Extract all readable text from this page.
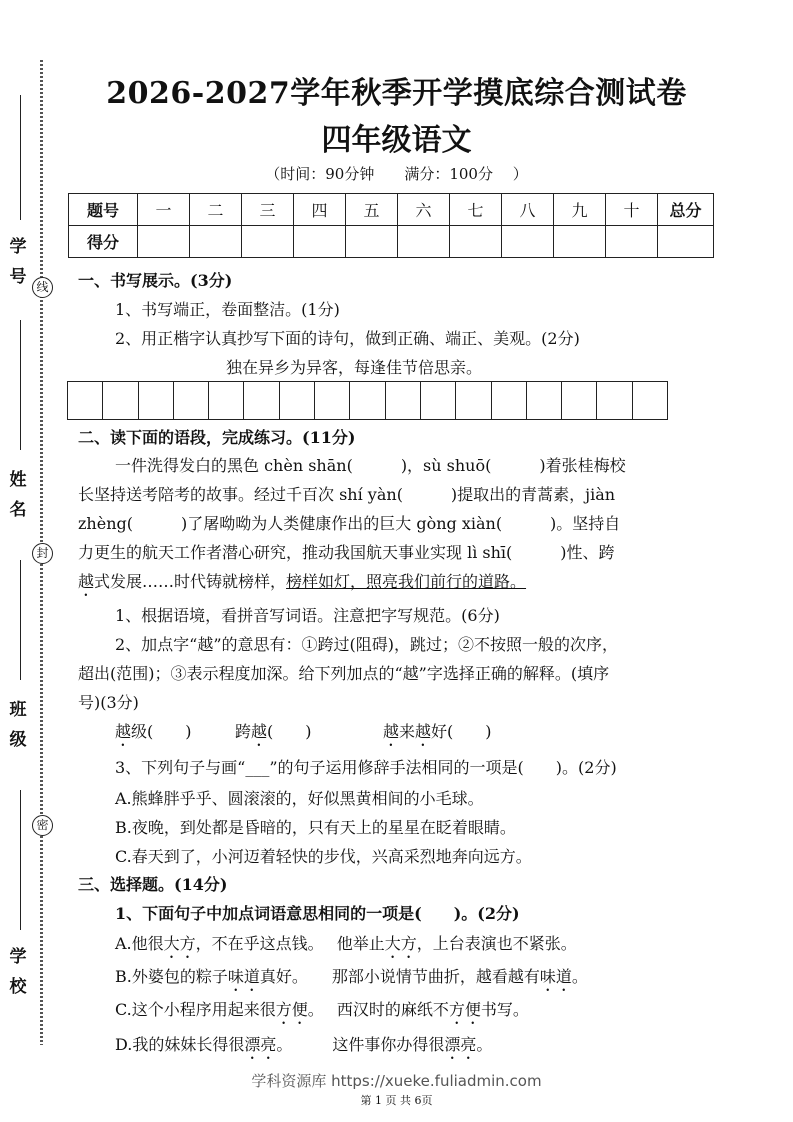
学号
姓名
班级
学校
线
封
密
2026-2027学年秋季开学摸底综合测试卷
四年级语文
（时间：90分钟　　满分：100分　 ）
题号	一	二	三	四	五	六	七	八	九	十	总分
得分											
一、书写展示。(3分)
1、书写端正，卷面整洁。(1分)
2、用正楷字认真抄写下面的诗句，做到正确、端正、美观。(2分)
独在异乡为异客，每逢佳节倍思亲。
二、读下面的语段，完成练习。(11分)
一件洗得发白的黑色 chèn shān(　　　)，sù shuō(　　　)着张桂梅校
长坚持送考陪考的故事。经过千百次 shí yàn(　　　)提取出的青蒿素，jiàn
zhèng(　　　)了屠呦呦为人类健康作出的巨大 gòng xiàn(　　　)。坚持自
力更生的航天工作者潜心研究，推动我国航天事业实现 lì shī(　　　)性、跨
越式发展……时代铸就榜样，榜样如灯，照亮我们前行的道路。
1、根据语境，看拼音写词语。注意把字写规范。(6分)
2、加点字“越”的意思有：①跨过(阻碍)，跳过；②不按照一般的次序，
超出(范围)；③表示程度加深。给下列加点的“越”字选择正确的解释。(填序
号)(3分)
越级(　　)	跨越(　　)	越来越好(　　)
3、下列句子与画“___”的句子运用修辞手法相同的一项是(　　)。(2分)
A.熊蜂胖乎乎、圆滚滚的，好似黑黄相间的小毛球。
B.夜晚，到处都是昏暗的，只有天上的星星在眨着眼睛。
C.春天到了，小河迈着轻快的步伐，兴高采烈地奔向远方。
三、选择题。(14分)
1、下面句子中加点词语意思相同的一项是(　　)。(2分)
A.他很大方，不在乎这点钱。　 他举止大方，上台表演也不紧张。
B.外婆包的粽子味道真好。　　那部小说情节曲折，越看越有味道。
C.这个小程序用起来很方便。　 西汉时的麻纸不方便书写。
D.我的妹妹长得很漂亮。　　　这件事你办得很漂亮。
学科资源库 https://xueke.fuliadmin.com
第 1 页 共 6页
